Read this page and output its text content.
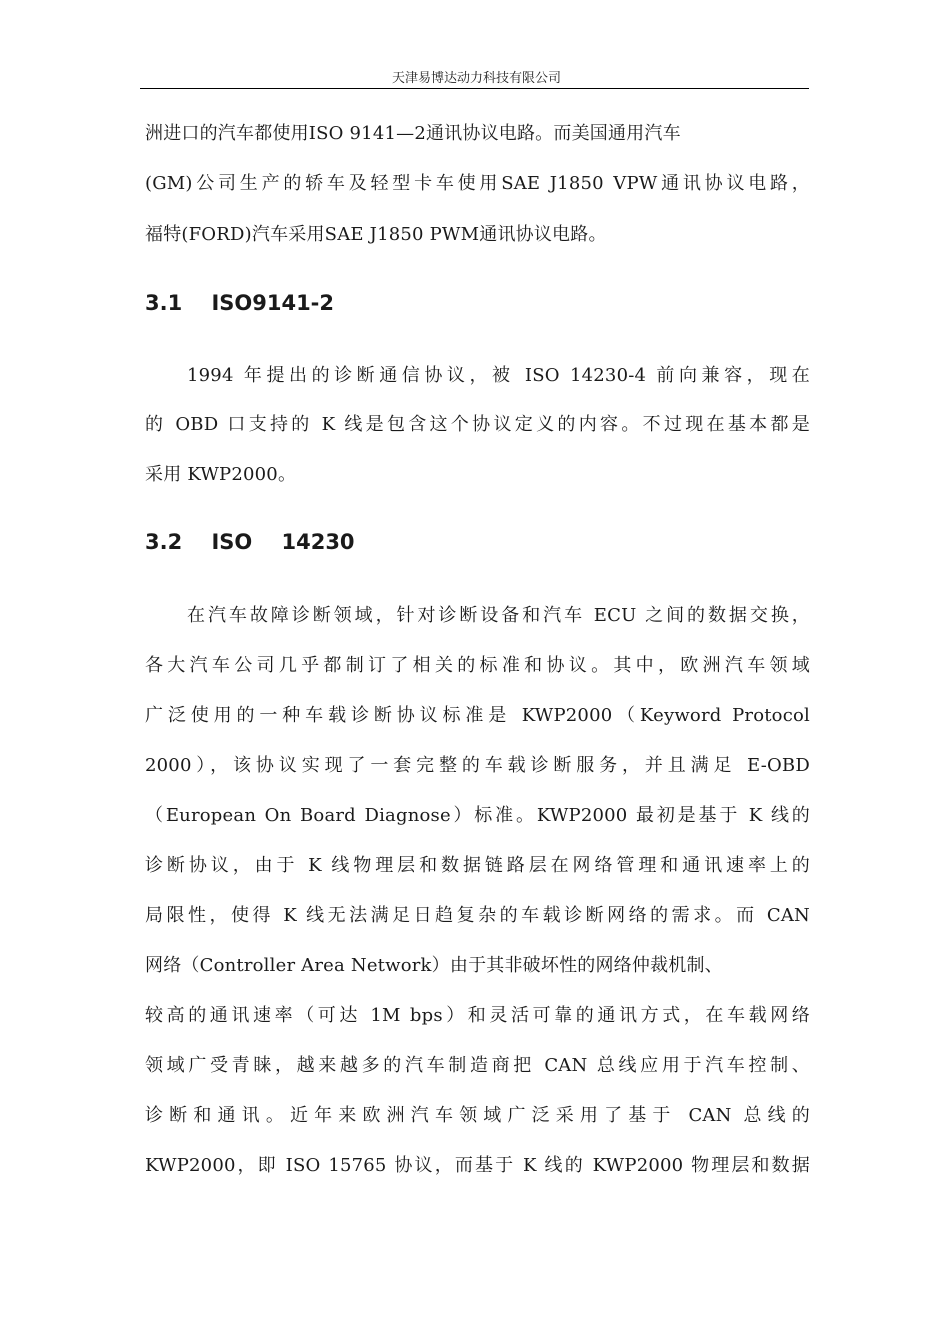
天津易博达动力科技有限公司
洲进口的汽车都使用ISO 9141—2通讯协议电路。而美国通用汽车
(GM)公司生产的轿车及轻型卡车使用SAE J1850 VPW通讯协议电路，
福特(FORD)汽车采用SAE J1850 PWM通讯协议电路。
3.1    ISO9141-2
1994 年提出的诊断通信协议，被 ISO 14230-4 前向兼容，现在
的 OBD 口支持的 K 线是包含这个协议定义的内容。不过现在基本都是
采用 KWP2000。
3.2    ISO    14230
在汽车故障诊断领域，针对诊断设备和汽车 ECU 之间的数据交换，
各大汽车公司几乎都制订了相关的标准和协议。其中，欧洲汽车领域
广泛使用的一种车载诊断协议标准是 KWP2000（Keyword Protocol
2000），该协议实现了一套完整的车载诊断服务，并且满足 E-OBD
（European On Board Diagnose）标准。KWP2000 最初是基于 K 线的
诊断协议，由于 K 线物理层和数据链路层在网络管理和通讯速率上的
局限性，使得 K 线无法满足日趋复杂的车载诊断网络的需求。而 CAN
网络（Controller Area Network）由于其非破坏性的网络仲裁机制、
较高的通讯速率（可达 1M bps）和灵活可靠的通讯方式，在车载网络
领域广受青睐，越来越多的汽车制造商把 CAN 总线应用于汽车控制、
诊断和通讯。近年来欧洲汽车领域广泛采用了基于 CAN 总线的
KWP2000，即 ISO 15765 协议，而基于 K 线的 KWP2000 物理层和数据
